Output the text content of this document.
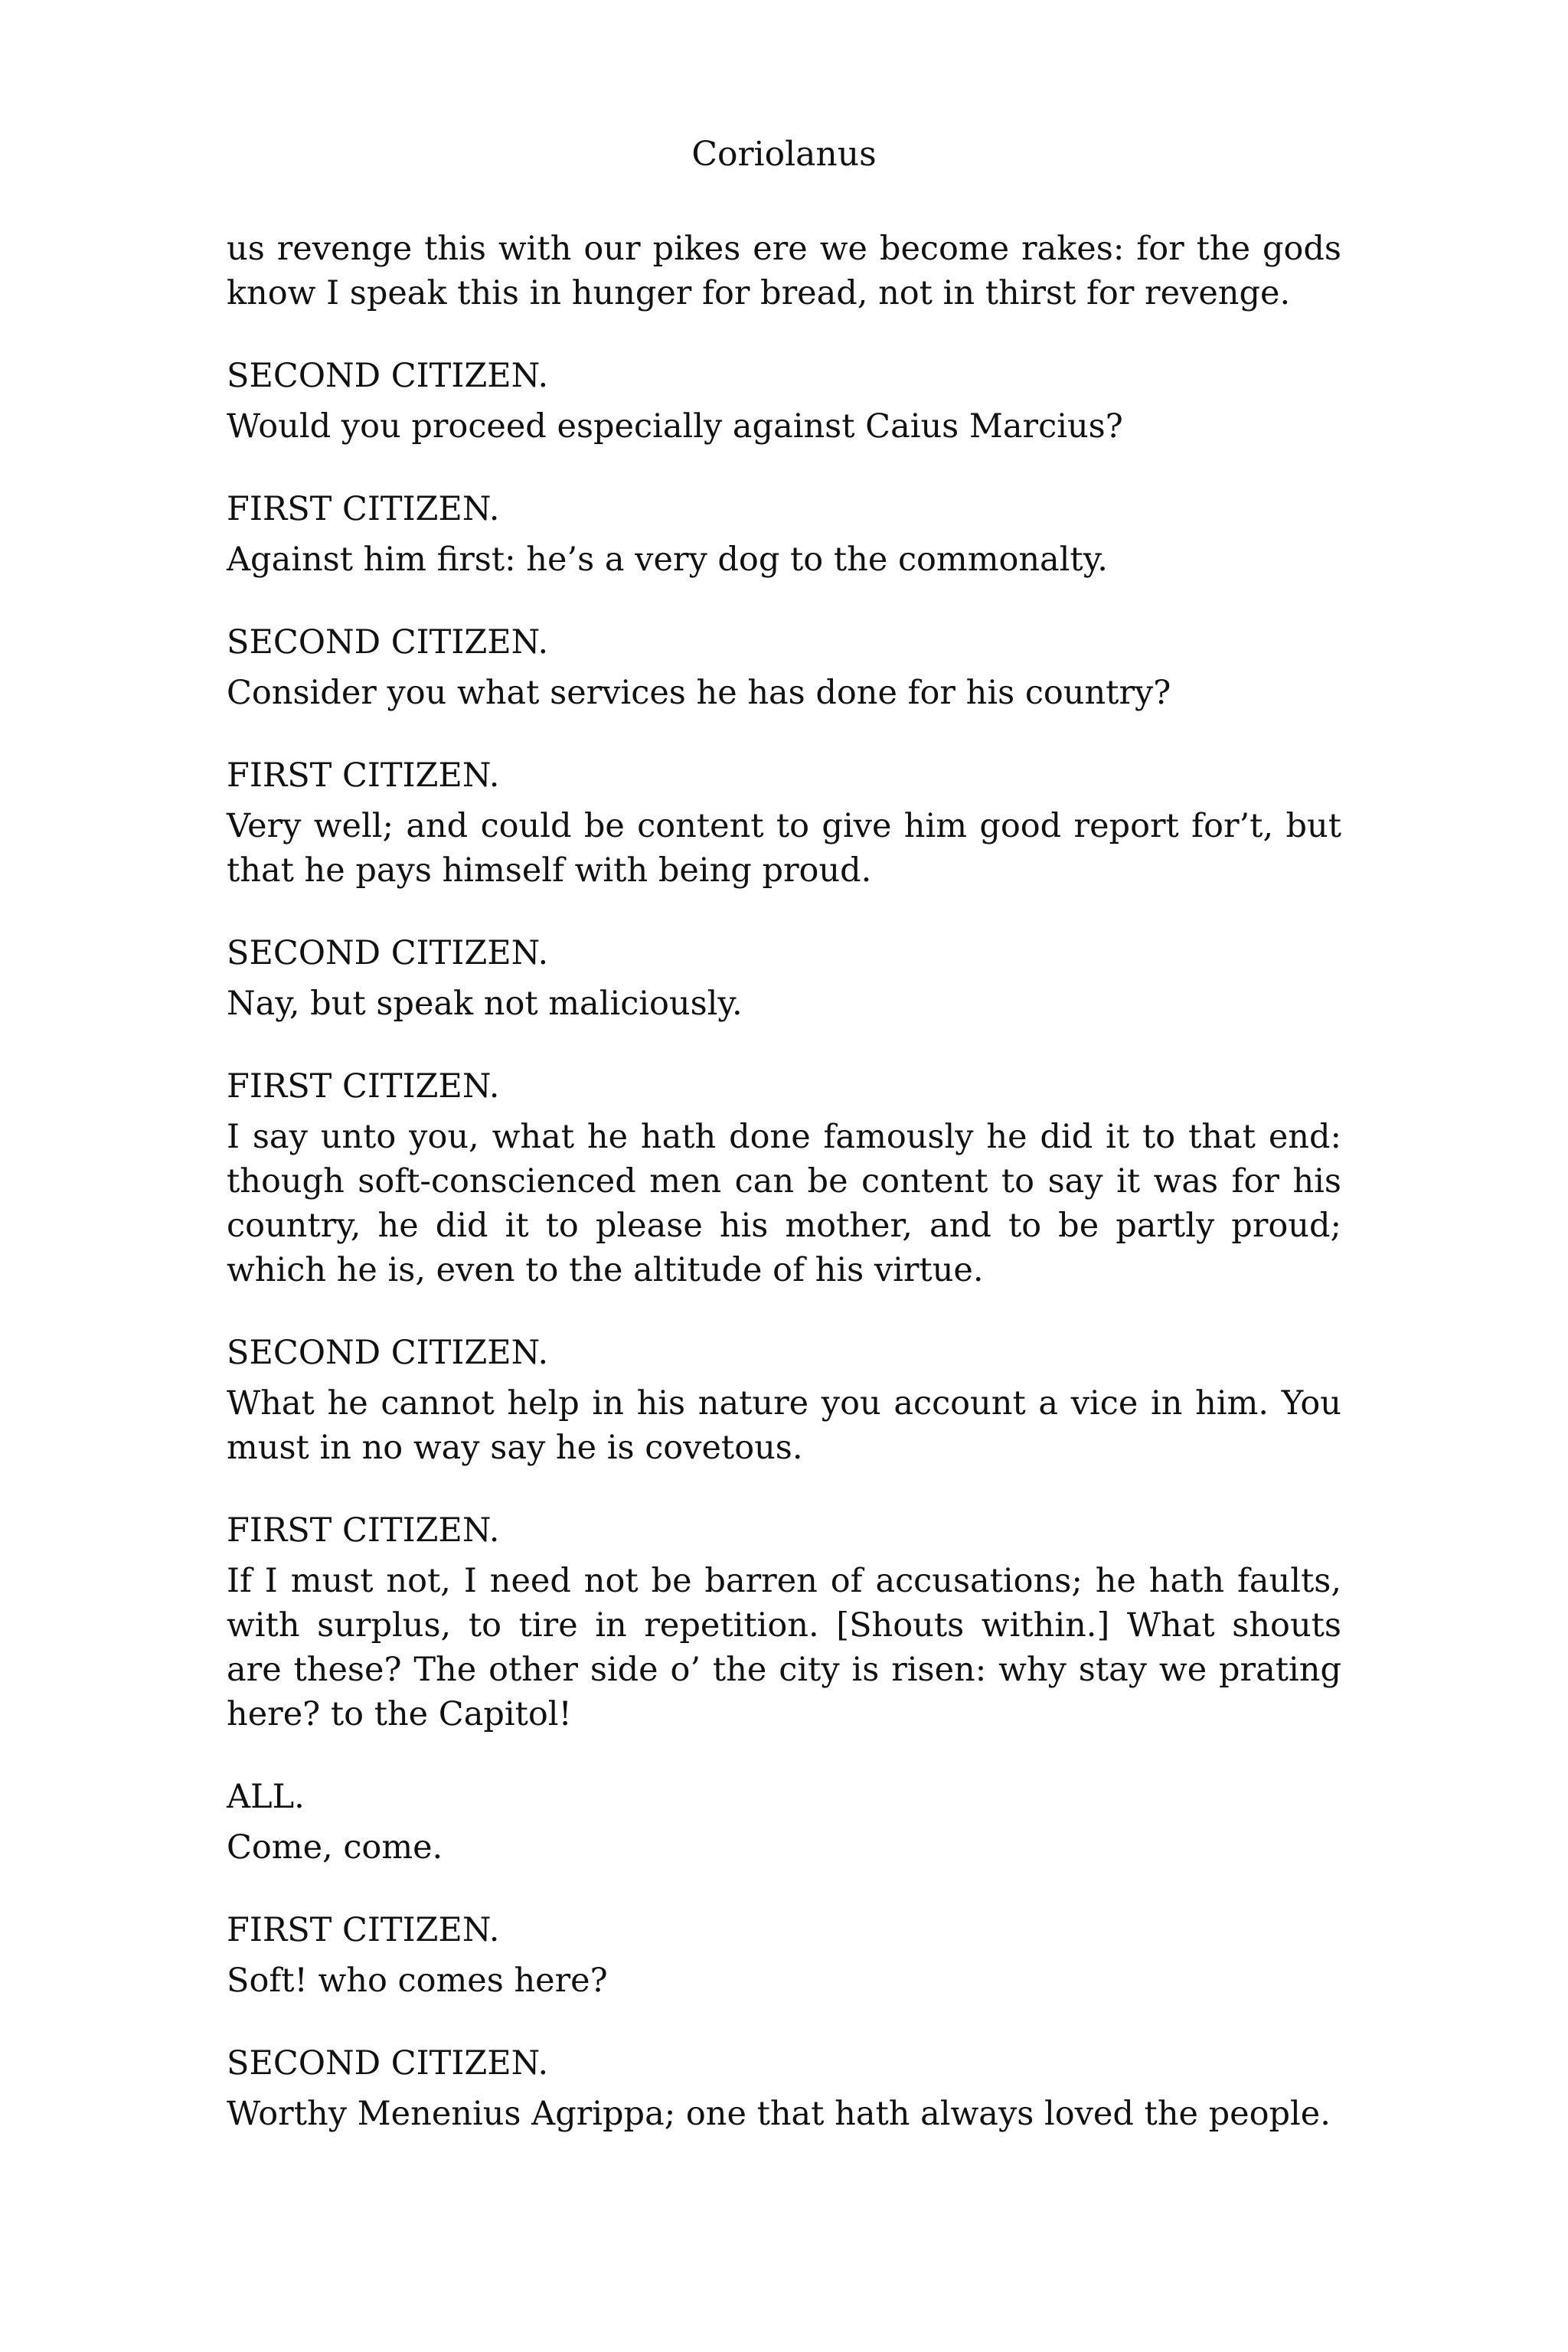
Coriolanus

us revenge this with our pikes ere we become rakes: for the gods know I speak this in hunger for bread, not in thirst for revenge.

SECOND CITIZEN.

Would you proceed especially against Caius Marcius?

FIRST CITIZEN.

Against him first: he’s a very dog to the commonalty.

SECOND CITIZEN.

Consider you what services he has done for his country?

FIRST CITIZEN.

Very well; and could be content to give him good report for’t, but that he pays himself with being proud.

SECOND CITIZEN.

Nay, but speak not maliciously.

FIRST CITIZEN.

I say unto you, what he hath done famously he did it to that end: though soft-conscienced men can be content to say it was for his country, he did it to please his mother, and to be partly proud; which he is, even to the altitude of his virtue.

SECOND CITIZEN.

What he cannot help in his nature you account a vice in him. You must in no way say he is covetous.

FIRST CITIZEN.

If I must not, I need not be barren of accusations; he hath faults, with surplus, to tire in repetition. [Shouts within.] What shouts are these? The other side o’ the city is risen: why stay we prating here? to the Capitol!

ALL.

Come, come.

FIRST CITIZEN.

Soft! who comes here?

SECOND CITIZEN.

Worthy Menenius Agrippa; one that hath always loved the people.
